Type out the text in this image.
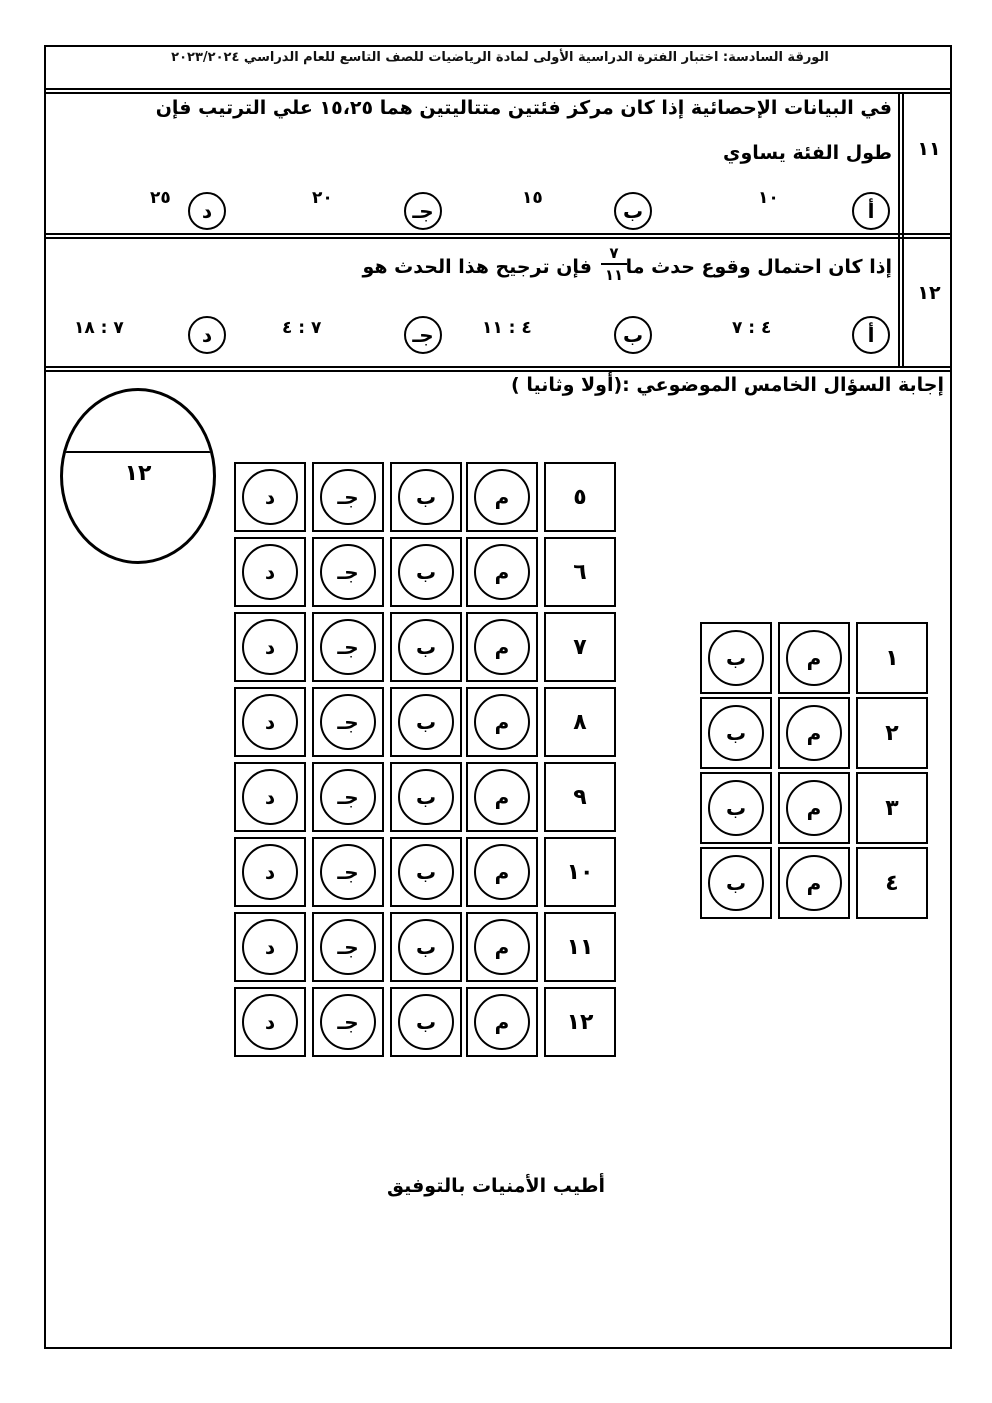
الورقة السادسة: اختبار الفترة الدراسية الأولى لمادة الرياضيات للصف التاسع للعام الدراسي ٢٠٢٣/٢٠٢٤
١١
في البيانات الإحصائية إذا كان مركز فئتين متتاليتين هما ١٥،٢٥ علي الترتيب فإن
طول الفئة يساوي
أ
١٠
ب
١٥
جـ
٢٠
د
٢٥
١٢
إذا كان احتمال وقوع حدث ما
٧
١١
فإن ترجيح هذا الحدث هو
أ
٤ : ٧
ب
٤ : ١١
جـ
٧ : ٤
د
٧ : ١٨
إجابة السؤال الخامس الموضوعي :(أولا وثانيا )
١٢
٥
م
ب
جـ
د
٦
م
ب
جـ
د
٧
م
ب
جـ
د
٨
م
ب
جـ
د
٩
م
ب
جـ
د
١٠
م
ب
جـ
د
١١
م
ب
جـ
د
١٢
م
ب
جـ
د
١
م
ب
٢
م
ب
٣
م
ب
٤
م
ب
أطيب الأمنيات بالتوفيق
